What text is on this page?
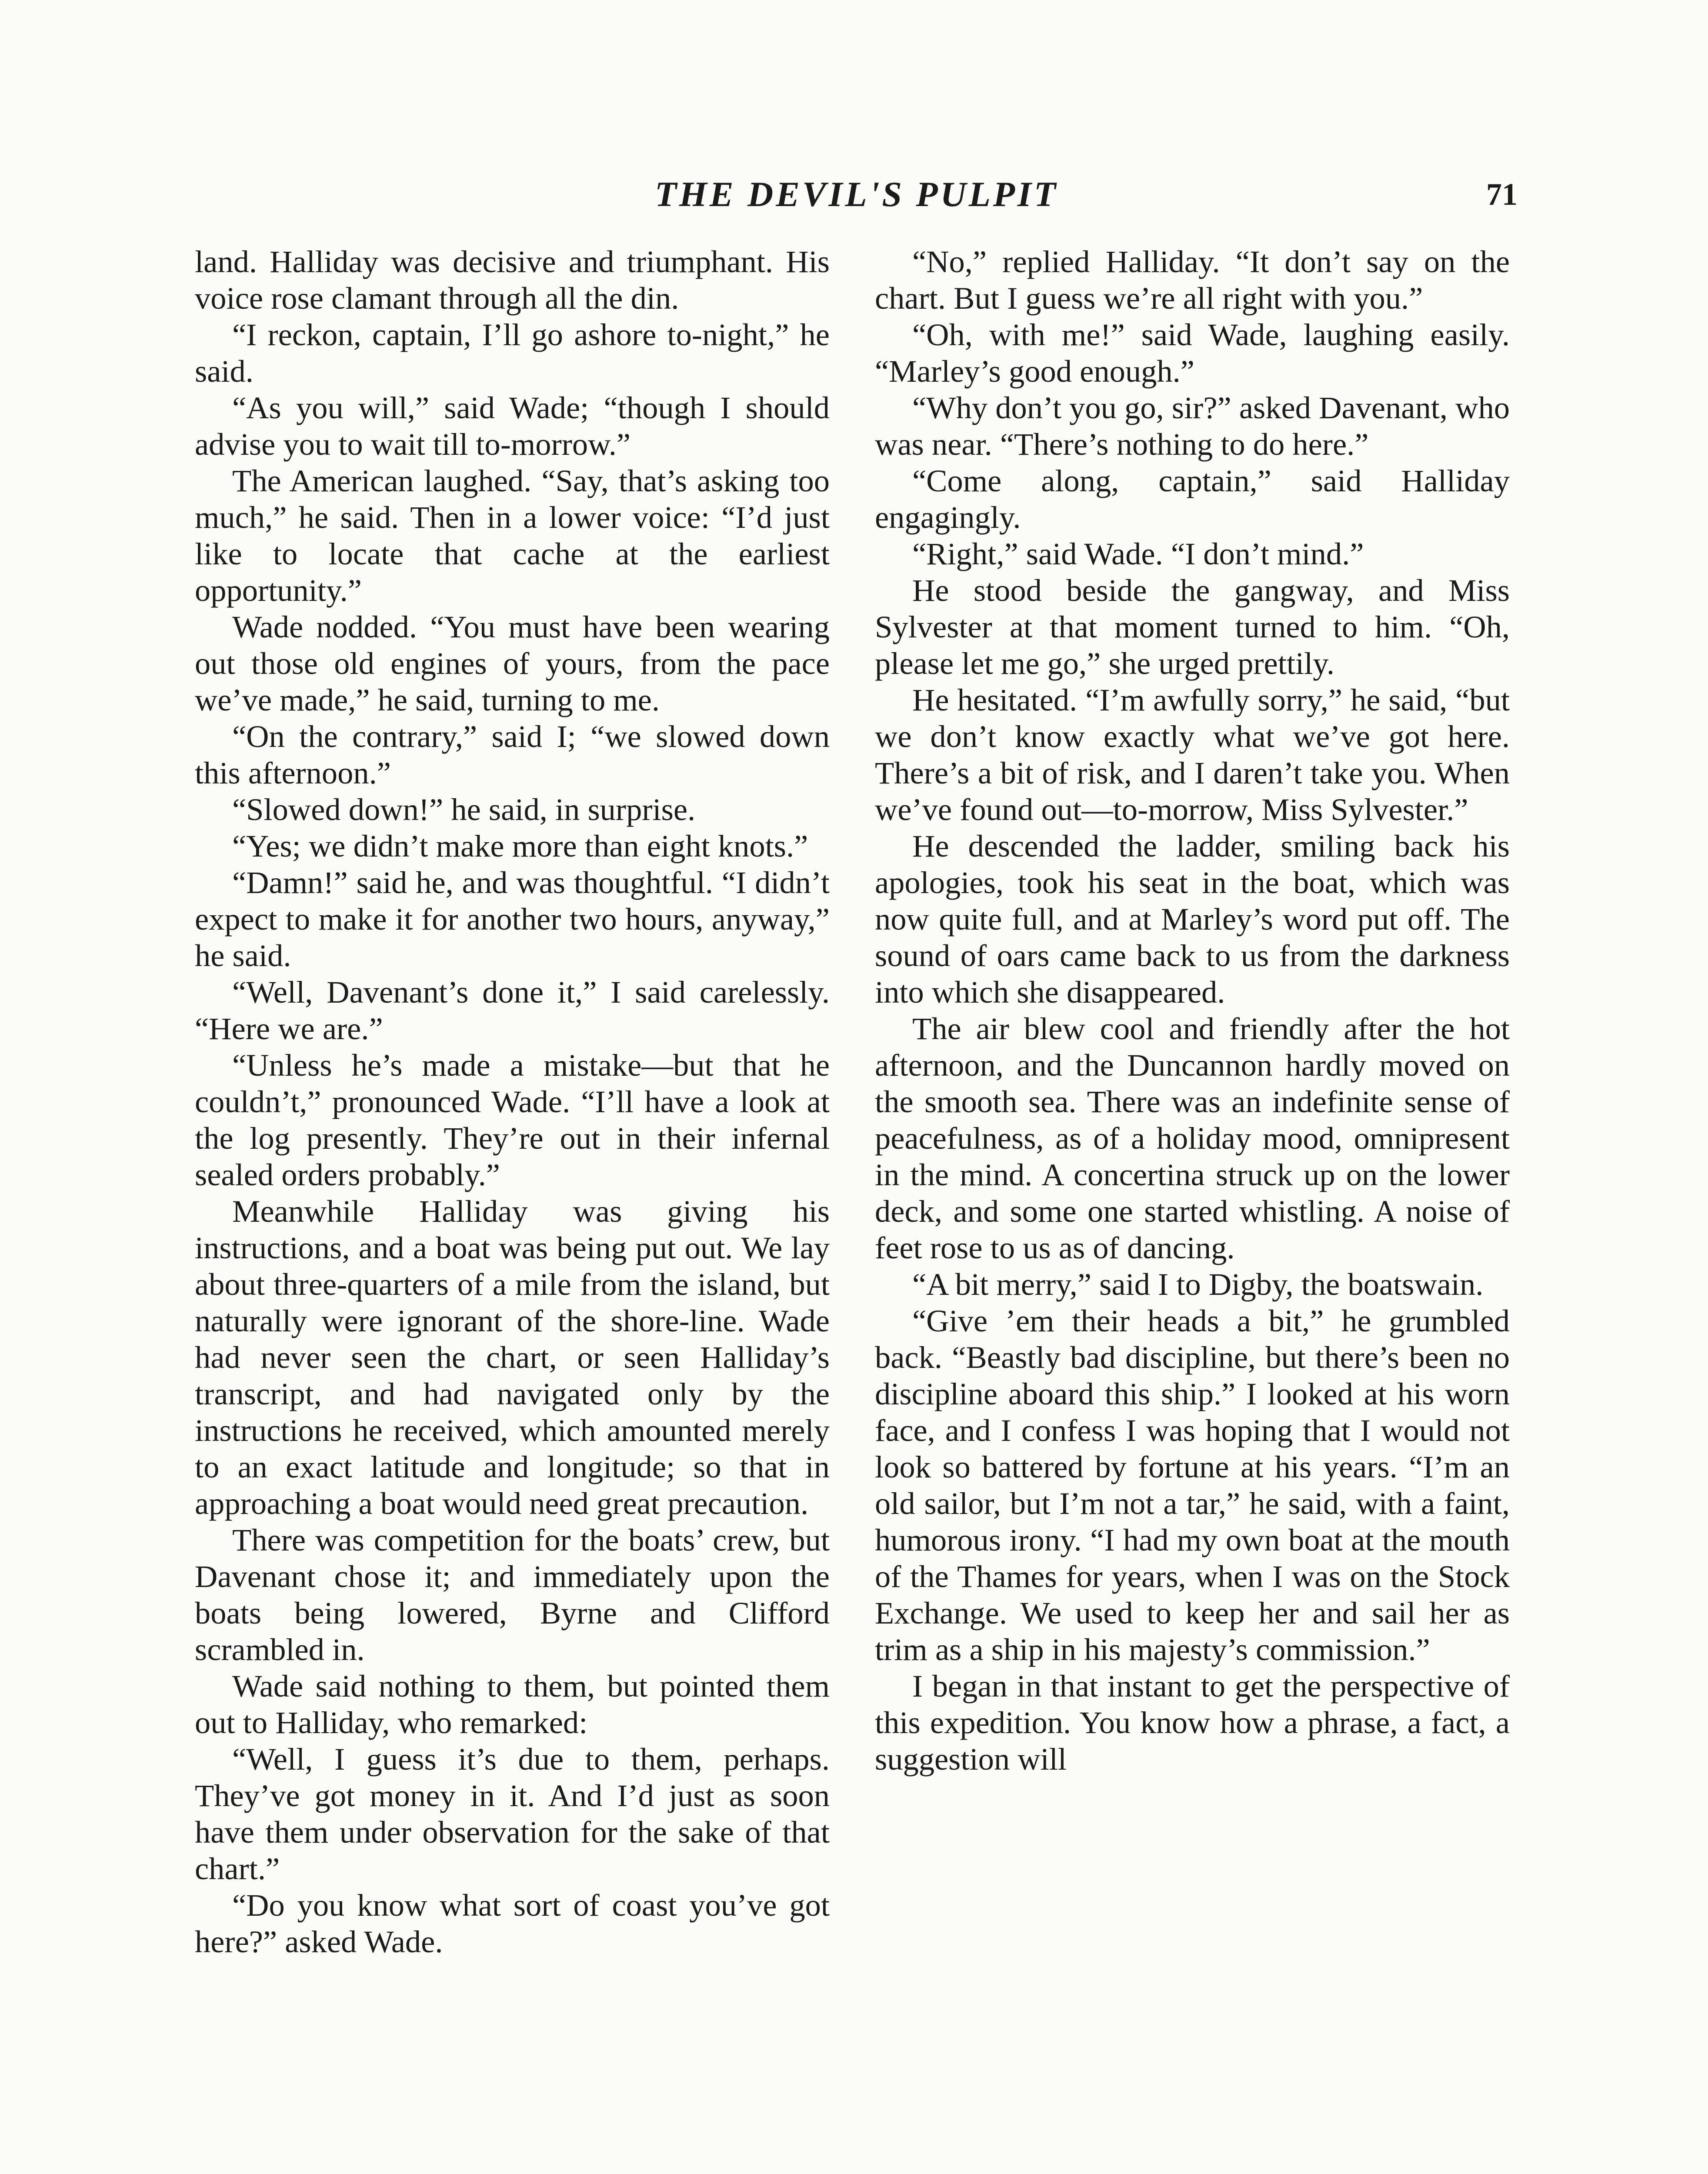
THE DEVIL'S PULPIT	71

land. Halliday was decisive and triumphant. His voice rose clamant through all the din.

“I reckon, captain, I’ll go ashore to-night,” he said.

“As you will,” said Wade; “though I should advise you to wait till to-morrow.”

The American laughed. “Say, that’s asking too much,” he said. Then in a lower voice: “I’d just like to locate that cache at the earliest opportunity.”

Wade nodded. “You must have been wearing out those old engines of yours, from the pace we’ve made,” he said, turning to me.

“On the contrary,” said I; “we slowed down this afternoon.”

“Slowed down!” he said, in surprise.

“Yes; we didn’t make more than eight knots.”

“Damn!” said he, and was thoughtful. “I didn’t expect to make it for another two hours, anyway,” he said.

“Well, Davenant’s done it,” I said carelessly. “Here we are.”

“Unless he’s made a mistake—but that he couldn’t,” pronounced Wade. “I’ll have a look at the log presently. They’re out in their infernal sealed orders probably.”

Meanwhile Halliday was giving his instructions, and a boat was being put out. We lay about three-quarters of a mile from the island, but naturally were ignorant of the shore-line. Wade had never seen the chart, or seen Halliday’s transcript, and had navigated only by the instructions he received, which amounted merely to an exact latitude and longitude; so that in approaching a boat would need great precaution.

There was competition for the boats’ crew, but Davenant chose it; and immediately upon the boats being lowered, Byrne and Clifford scrambled in.

Wade said nothing to them, but pointed them out to Halliday, who remarked:

“Well, I guess it’s due to them, perhaps. They’ve got money in it. And I’d just as soon have them under observation for the sake of that chart.”

“Do you know what sort of coast you’ve got here?” asked Wade.

“No,” replied Halliday. “It don’t say on the chart. But I guess we’re all right with you.”

“Oh, with me!” said Wade, laughing easily. “Marley’s good enough.”

“Why don’t you go, sir?” asked Davenant, who was near. “There’s nothing to do here.”

“Come along, captain,” said Halliday engagingly.

“Right,” said Wade. “I don’t mind.”

He stood beside the gangway, and Miss Sylvester at that moment turned to him. “Oh, please let me go,” she urged prettily.

He hesitated. “I’m awfully sorry,” he said, “but we don’t know exactly what we’ve got here. There’s a bit of risk, and I daren’t take you. When we’ve found out—to-morrow, Miss Sylvester.”

He descended the ladder, smiling back his apologies, took his seat in the boat, which was now quite full, and at Marley’s word put off. The sound of oars came back to us from the darkness into which she disappeared.

The air blew cool and friendly after the hot afternoon, and the Duncannon hardly moved on the smooth sea. There was an indefinite sense of peacefulness, as of a holiday mood, omnipresent in the mind. A concertina struck up on the lower deck, and some one started whistling. A noise of feet rose to us as of dancing.

“A bit merry,” said I to Digby, the boatswain.

“Give ’em their heads a bit,” he grumbled back. “Beastly bad discipline, but there’s been no discipline aboard this ship.” I looked at his worn face, and I confess I was hoping that I would not look so battered by fortune at his years. “I’m an old sailor, but I’m not a tar,” he said, with a faint, humorous irony. “I had my own boat at the mouth of the Thames for years, when I was on the Stock Exchange. We used to keep her and sail her as trim as a ship in his majesty’s commission.”

I began in that instant to get the perspective of this expedition. You know how a phrase, a fact, a suggestion will
